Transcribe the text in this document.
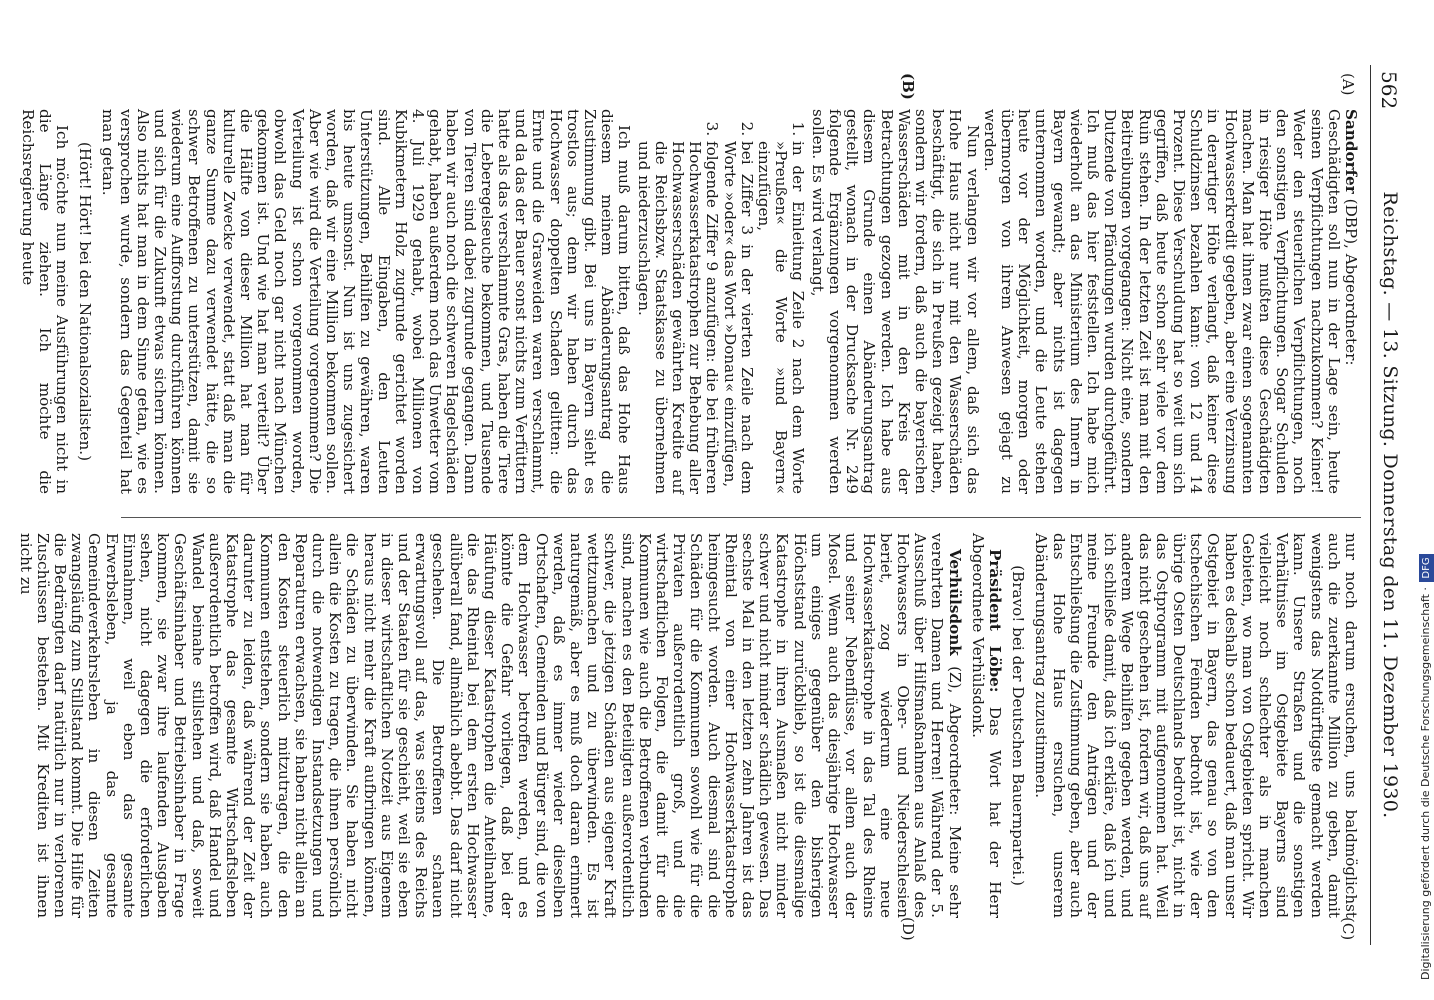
562
Reichstag. — 13. Sitzung. Donnerstag den 11. Dezember 1930.
(A)
(B)
(C)
(D)

Sandorfer (DBP), Abgeordneter:

Geschädigten soll nun in der Lage sein, heute seinen Verpflichtungen nachzukommen? Keiner! Weder den steuerlichen Verpflichtungen, noch den sonstigen Verpflichtungen. Sogar Schulden in riesiger Höhe mußten diese Geschädigten machen. Man hat ihnen zwar einen sogenannten Hochwasserkredit gegeben, aber eine Verzinsung in derartiger Höhe verlangt, daß keiner diese Schuldzinsen bezahlen kann: von 12 und 14 Prozent. Diese Verschuldung hat so weit um sich gegriffen, daß heute schon sehr viele vor dem Ruin stehen. In der letzten Zeit ist man mit den Beitreibungen vorgegangen: Nicht eine, sondern Dutzende von Pfändungen wurden durchgeführt. Ich muß das hier feststellen. Ich habe mich wiederholt an das Ministerium des Innern in Bayern gewandt; aber nichts ist dagegen unternommen worden, und die Leute stehen heute vor der Möglichkeit, morgen oder übermorgen von ihrem Anwesen gejagt zu werden.

Nun verlangen wir vor allem, daß sich das Hohe Haus nicht nur mit den Wasserschäden beschäftigt, die sich in Preußen gezeigt haben, sondern wir fordern, daß auch die bayerischen Wasserschäden mit in den Kreis der Betrachtungen gezogen werden. Ich habe aus diesem Grunde einen Abänderungsantrag gestellt, wonach in der Drucksache Nr. 249 folgende Ergänzungen vorgenommen werden sollen. Es wird verlangt,

1. in der Einleitung Zeile 2 nach dem Worte »Preußen« die Worte »und Bayern« einzufügen,
2. bei Ziffer 3 in der vierten Zeile nach dem Worte »oder« das Wort »Donau« einzufügen,
3. folgende Ziffer 9 anzufügen: die bei früheren Hochwasserkatastrophen zur Behebung aller Hochwasserschäden gewährten Kredite auf die Reichsbzw. Staatskasse zu übernehmen und niederzuschlagen.

Ich muß darum bitten, daß das Hohe Haus diesem meinem Abänderungsantrag die Zustimmung gibt. Bei uns in Bayern sieht es trostlos aus; denn wir haben durch das Hochwasser doppelten Schaden gelitten: die Ernte und die Grasweiden waren verschlammt, und da das der Bauer sonst nichts zum Verfüttern hatte als das verschlammte Gras, haben die Tiere die Leberegelseuche bekommen, und Tausende von Tieren sind dabei zugrunde gegangen. Dann haben wir auch noch die schweren Hagelschäden gehabt, haben außerdem noch das Unwetter vom 4. Juli 1929 gehabt, wobei Millionen von Kubikmetern Holz zugrunde gerichtet worden sind. Alle Eingaben, den Leuten Unterstützungen, Beihilfen zu gewähren, waren bis heute umsonst. Nun ist uns zugesichert worden, daß wir eine Million bekommen sollen. Aber wie wird die Verteilung vorgenommen? Die Verteilung ist schon vorgenommen worden, obwohl das Geld noch gar nicht nach München gekommen ist. Und wie hat man verteilt? Über die Hälfte von dieser Million hat man für kulturelle Zwecke verwendet, statt daß man die ganze Summe dazu verwendet hätte, die so schwer Betroffenen zu unterstützen, damit sie wiederum eine Aufforstung durchführen können und sich für die Zukunft etwas sichern können. Also nichts hat man in dem Sinne getan, wie es versprochen wurde, sondern das Gegenteil hat man getan.

(Hört! Hört! bei den Nationalsozialisten.)

Ich möchte nun meine Ausführungen nicht in die Länge ziehen. Ich möchte die Reichsregierung heute

nur noch darum ersuchen, uns baldmöglichst auch die zuerkannte Million zu geben, damit wenigstens das Notdürftigste gemacht werden kann. Unsere Straßen und die sonstigen Verhältnisse im Ostgebiete Bayerns sind vielleicht noch schlechter als in manchen Gebieten, wo man von Ostgebieten spricht. Wir haben es deshalb schon bedauert, daß man unser Ostgebiet in Bayern, das genau so von den tschechischen Feinden bedroht ist, wie der übrige Osten Deutschlands bedroht ist, nicht in das Ostprogramm mit aufgenommen hat. Weil das nicht geschehen ist, fordern wir, daß uns auf anderem Wege Beihilfen gegeben werden, und ich schließe damit, daß ich erkläre, daß ich und meine Freunde den Anträgen und der Entschließung die Zustimmung geben, aber auch das Hohe Haus ersuchen, unserem Abänderungsantrag zuzustimmen.

(Bravo! bei der Deutschen Bauernpartei.)

Präsident Löbe: Das Wort hat der Herr Abgeordnete Verhülsdonk.

Verhülsdonk (Z), Abgeordneter: Meine sehr verehrten Damen und Herren! Während der 5. Ausschuß über Hilfsmaßnahmen aus Anlaß des Hochwassers in Ober- und Niederschlesien beriet, zog wiederum eine neue Hochwasserkatastrophe in das Tal des Rheins und seiner Nebenflüsse, vor allem auch der Mosel. Wenn auch das diesjährige Hochwasser um einiges gegenüber den bisherigen Höchststand zurückblieb, so ist die diesmalige Katastrophe in ihren Ausmaßen nicht minder schwer und nicht minder schädlich gewesen. Das sechste Mal in den letzten zehn Jahren ist das Rheintal von einer Hochwasserkatastrophe heimgesucht worden. Auch diesmal sind die Schäden für die Kommunen sowohl wie für die Privaten außerordentlich groß, und die wirtschaftlichen Folgen, die damit für die Kommunen wie auch die Betroffenen verbunden sind, machen es den Beteiligten außerordentlich schwer, die jetzigen Schäden aus eigener Kraft wettzumachen und zu überwinden. Es ist naturgemäß, aber es muß doch daran erinnert werden, daß es immer wieder dieselben Ortschaften, Gemeinden und Bürger sind, die von dem Hochwasser betroffen werden, und es könnte die Gefahr vorliegen, daß bei der Häufung dieser Katastrophen die Anteilnahme, die das Rheintal bei dem ersten Hochwasser allüberall fand, allmählich abebbt. Das darf nicht geschehen. Die Betroffenen schauen erwartungsvoll auf das, was seitens des Reichs und der Staaten für sie geschieht, weil sie eben in dieser wirtschaftlichen Notzeit aus Eigenem heraus nicht mehr die Kraft aufbringen können, die Schäden zu überwinden. Sie haben nicht allein die Kosten zu tragen, die ihnen persönlich durch die notwendigen Instandsetzungen und Reparaturen erwachsen, sie haben nicht allein an den Kosten steuerlich mitzutragen, die den Kommunen entstehen, sondern sie haben auch darunter zu leiden, daß während der Zeit der Katastrophe das gesamte Wirtschaftsleben außerordentlich betroffen wird, daß Handel und Wandel beinahe stillstehen und daß, soweit Geschäftsinhaber und Betriebsinhaber in Frage kommen, sie zwar ihre laufenden Ausgaben sehen, nicht dagegen die erforderlichen Einnahmen, weil eben das gesamte Erwerbsleben, ja das gesamte Gemeindeverkehrsleben in diesen Zeiten zwangsläufig zum Stillstand kommt. Die Hilfe für die Bedrängten darf natürlich nur in verlorenen Zuschüssen bestehen. Mit Krediten ist ihnen nicht zu

Digitalisierung gefördert durch die Deutsche Forschungsgemeinschaft · DFG
